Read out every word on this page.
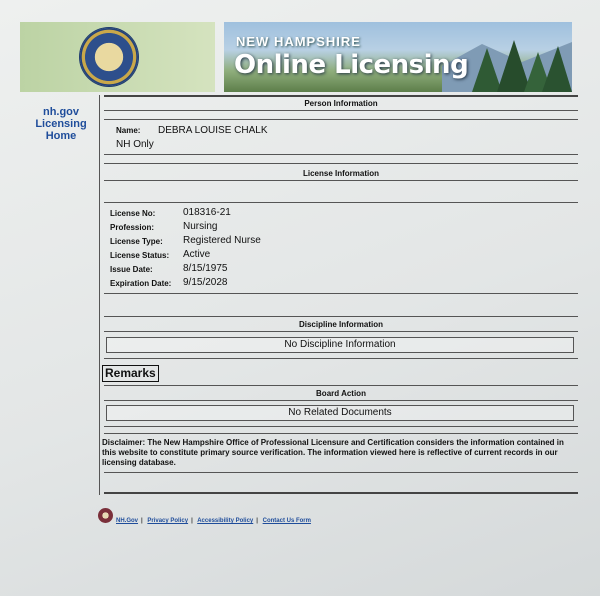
NEW HAMPSHIRE
Online Licensing
nh.gov
Licensing
Home
Person Information
Name: DEBRA LOUISE CHALK
NH Only
License Information
License No:	018316-21
Profession:	Nursing
License Type: Registered Nurse
License Status: Active
Issue Date:	8/15/1975
Expiration Date: 9/15/2028
Discipline Information
No Discipline Information
Remarks
Board Action
No Related Documents
Disclaimer: The New Hampshire Office of Professional Licensure and Certification considers the information contained in this website to constitute primary source verification. The information viewed here is reflective of current records in our licensing database.
NH.Gov | Privacy Policy | Accessibility Policy | Contact Us Form
